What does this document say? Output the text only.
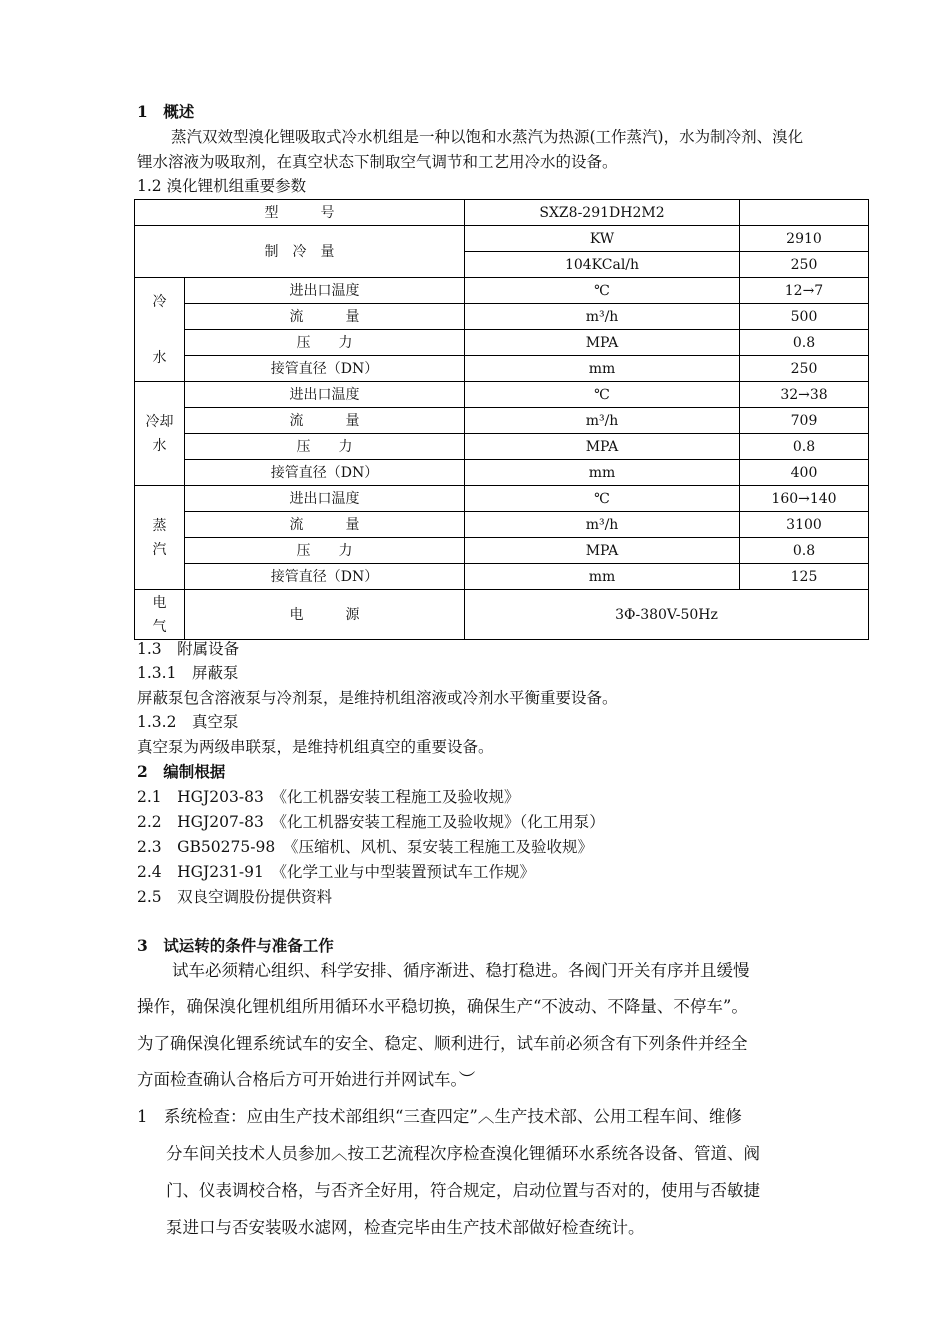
1　概述
蒸汽双效型溴化锂吸取式冷水机组是一种以饱和水蒸汽为热源(工作蒸汽)，水为制冷剂、溴化
锂水溶液为吸取剂，在真空状态下制取空气调节和工艺用冷水的设备。
1.2 溴化锂机组重要参数
型　　　号		SXZ8-291DH2M2	
制　冷　量		KW	2910
		104KCal/h	250

冷
水	进出口温度	℃	12→7
	流　　　量	m³/h	500
	压　　力	MPA	0.8
	接管直径（DN）	mm	250

冷却
水	进出口温度	℃	32→38
	流　　　量	m³/h	709
	压　　力	MPA	0.8
	接管直径（DN）	mm	400

蒸
汽	进出口温度	℃	160→140
	流　　　量	m³/h	3100
	压　　力	MPA	0.8
	接管直径（DN）	mm	125

电
气	电　　　源	3Φ-380V-50Hz	
1.3　附属设备
1.3.1　屏蔽泵
屏蔽泵包含溶液泵与冷剂泵，是维持机组溶液或冷剂水平衡重要设备。
1.3.2　真空泵
真空泵为两级串联泵，是维持机组真空的重要设备。
2　编制根据
2.1　HGJ203-83　《化工机器安装工程施工及验收规》
2.2　HGJ207-83　《化工机器安装工程施工及验收规》（化工用泵）
2.3　GB50275-98　《压缩机、风机、泵安装工程施工及验收规》
2.4　HGJ231-91　《化学工业与中型装置预试车工作规》
2.5　双良空调股份提供资料
3　试运转的条件与准备工作
试车必须精心组织、科学安排、循序渐进、稳打稳进。各阀门开关有序并且缓慢
操作，确保溴化锂机组所用循环水平稳切换，确保生产“不波动、不降量、不停车”。
为了确保溴化锂系统试车的安全、稳定、顺利进行，试车前必须含有下列条件并经全
方面检查确认合格后方可开始进行并网试车。︶
1　系统检查：应由生产技术部组织“三查四定”︿生产技术部、公用工程车间、维修
分车间关技术人员参加︿按工艺流程次序检查溴化锂循环水系统各设备、管道、阀
门、仪表调校合格，与否齐全好用，符合规定，启动位置与否对的，使用与否敏捷
泵进口与否安装吸水滤网，检查完毕由生产技术部做好检查统计。
